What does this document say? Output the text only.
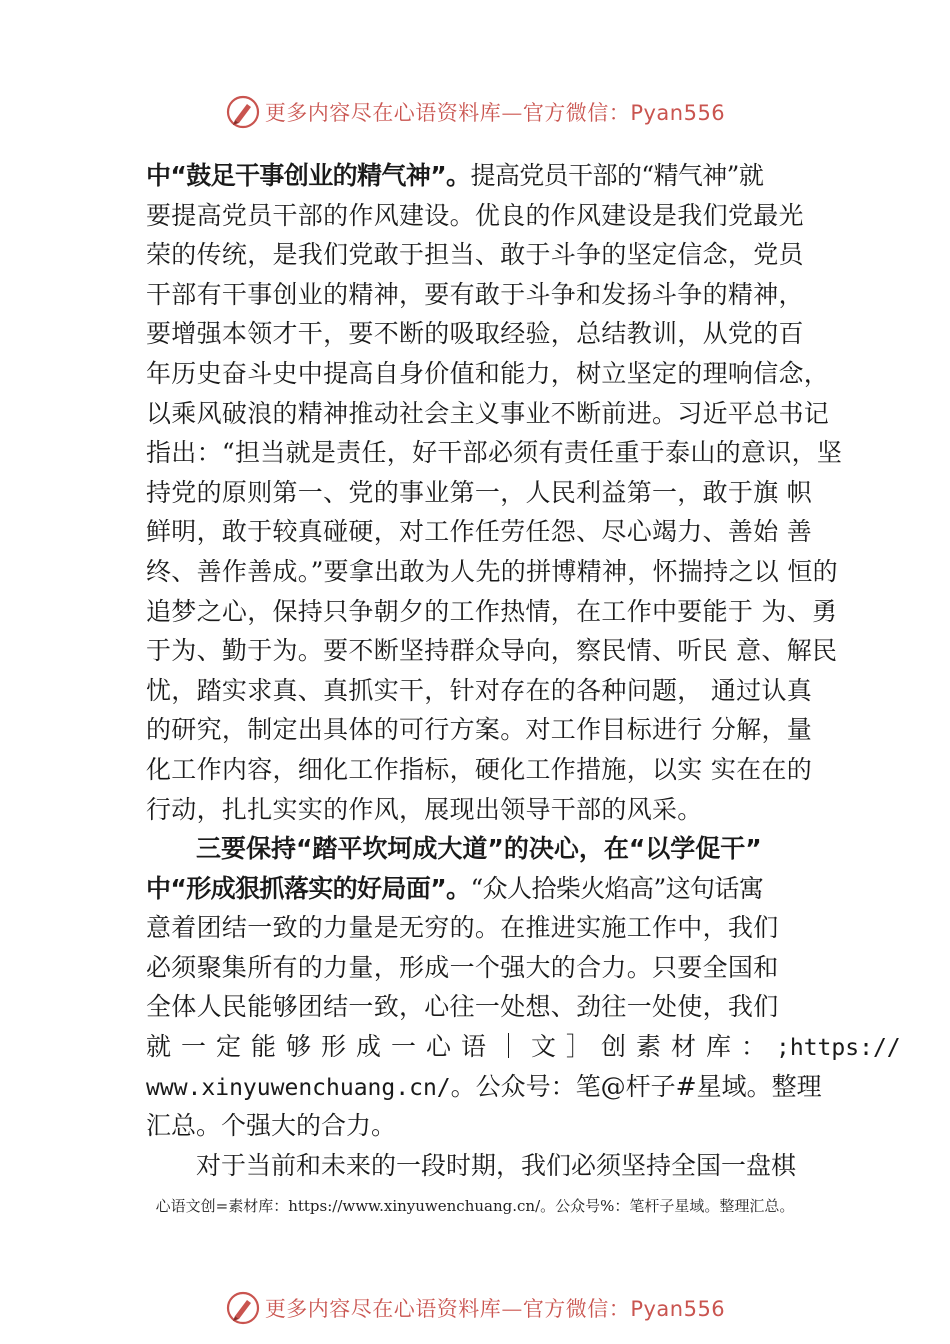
更多内容尽在心语资料库—官方微信：Pyan556
中“鼓足干事创业的精气神”。提高党员干部的“精气神”就
要提高党员干部的作风建设。优良的作风建设是我们党最光
荣的传统，是我们党敢于担当、敢于斗争的坚定信念，党员
干部有干事创业的精神，要有敢于斗争和发扬斗争的精神，
要增强本领才干，要不断的吸取经验，总结教训，从党的百
年历史奋斗史中提高自身价值和能力，树立坚定的理响信念，
以乘风破浪的精神推动社会主义事业不断前进。习近平总书记
指出：“担当就是责任，好干部必须有责任重于泰山的意识，坚
持党的原则第一、党的事业第一，人民利益第一，敢于旗 帜
鲜明，敢于较真碰硬，对工作任劳任怨、尽心竭力、善始 善
终、善作善成。”要拿出敢为人先的拼博精神，怀揣持之以 恒的
追梦之心，保持只争朝夕的工作热情，在工作中要能于 为、勇
于为、勤于为。要不断坚持群众导向，察民情、听民 意、解民
忧，踏实求真、真抓实干，针对存在的各种问题， 通过认真
的研究，制定出具体的可行方案。对工作目标进行 分解，量
化工作内容，细化工作指标，硬化工作措施，以实 实在在的
行动，扎扎实实的作风，展现出领导干部的风采。
三要保持“踏平坎坷成大道”的决心，在“以学促干”
中“形成狠抓落实的好局面”。“众人拾柴火焰高”这句话寓
意着团结一致的力量是无穷的。在推进实施工作中，我们
必须聚集所有的力量，形成一个强大的合力。只要全国和
全体人民能够团结一致，心往一处想、劲往一处使，我们
就一定能够形成一心语｜文］创素材库：;https://
www.xinyuwenchuang.cn/。公众号：笔@杆子#星域。整理
汇总。个强大的合力。
对于当前和未来的一段时期，我们必须坚持全国一盘棋
心语文创=素材库：https://www.xinyuwenchuang.cn/。公众号%：笔杆子星域。整理汇总。
更多内容尽在心语资料库—官方微信：Pyan556
